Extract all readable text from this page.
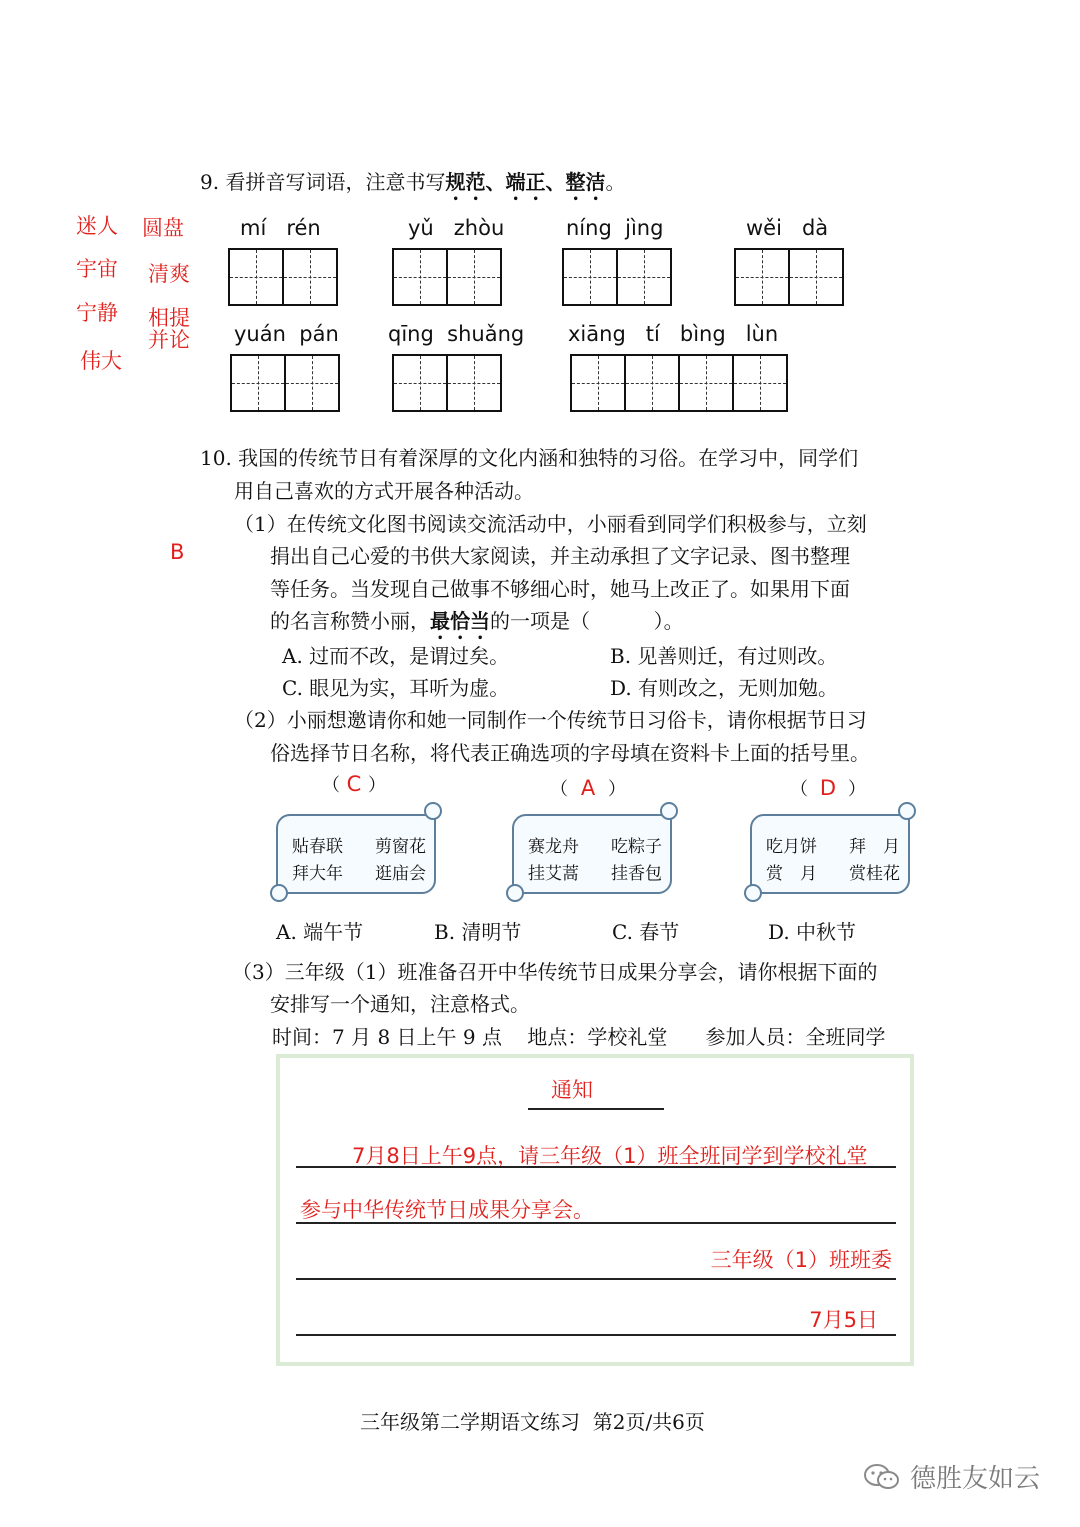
9. 看拼音写词语，注意书写规范、端正、整洁。
迷人 圆盘
宇宙 清爽
宁静 相提
并论
伟大
mí   rén	yǔ   zhòu	níng  jìng	wěi   dà
yuán  pán qīng  shuǎng xiāng   tí   bìng   lùn
10. 我国的传统节日有着深厚的文化内涵和独特的习俗。在学习中，同学们
用自己喜欢的方式开展各种活动。
（1）在传统文化图书阅读交流活动中，小丽看到同学们积极参与，立刻
捐出自己心爱的书供大家阅读，并主动承担了文字记录、图书整理
等任务。当发现自己做事不够细心时，她马上改正了。如果用下面
的名言称赞小丽，最恰当的一项是（          ）。
B
A. 过而不改，是谓过矣。	B. 见善则迁，有过则改。
C. 眼见为实，耳听为虚。	D. 有则改之，无则加勉。
（2）小丽想邀请你和她一同制作一个传统节日习俗卡，请你根据节日习
俗选择节日名称，将代表正确选项的字母填在资料卡上面的括号里。
（ C ）	（ A ）	（ D ）
贴春联 剪窗花
拜大年 逛庙会
赛龙舟 吃粽子
挂艾蒿 挂香包
吃月饼 拜　月
赏　月 赏桂花
A. 端午节	B. 清明节	C. 春节	D. 中秋节
（3）三年级（1）班准备召开中华传统节日成果分享会，请你根据下面的
安排写一个通知，注意格式。
时间：7 月 8 日上午 9 点    地点：学校礼堂      参加人员：全班同学
通知
7月8日上午9点，请三年级（1）班全班同学到学校礼堂
参与中华传统节日成果分享会。
三年级（1）班班委
7月5日
三年级第二学期语文练习  第2页/共6页
德胜友如云
